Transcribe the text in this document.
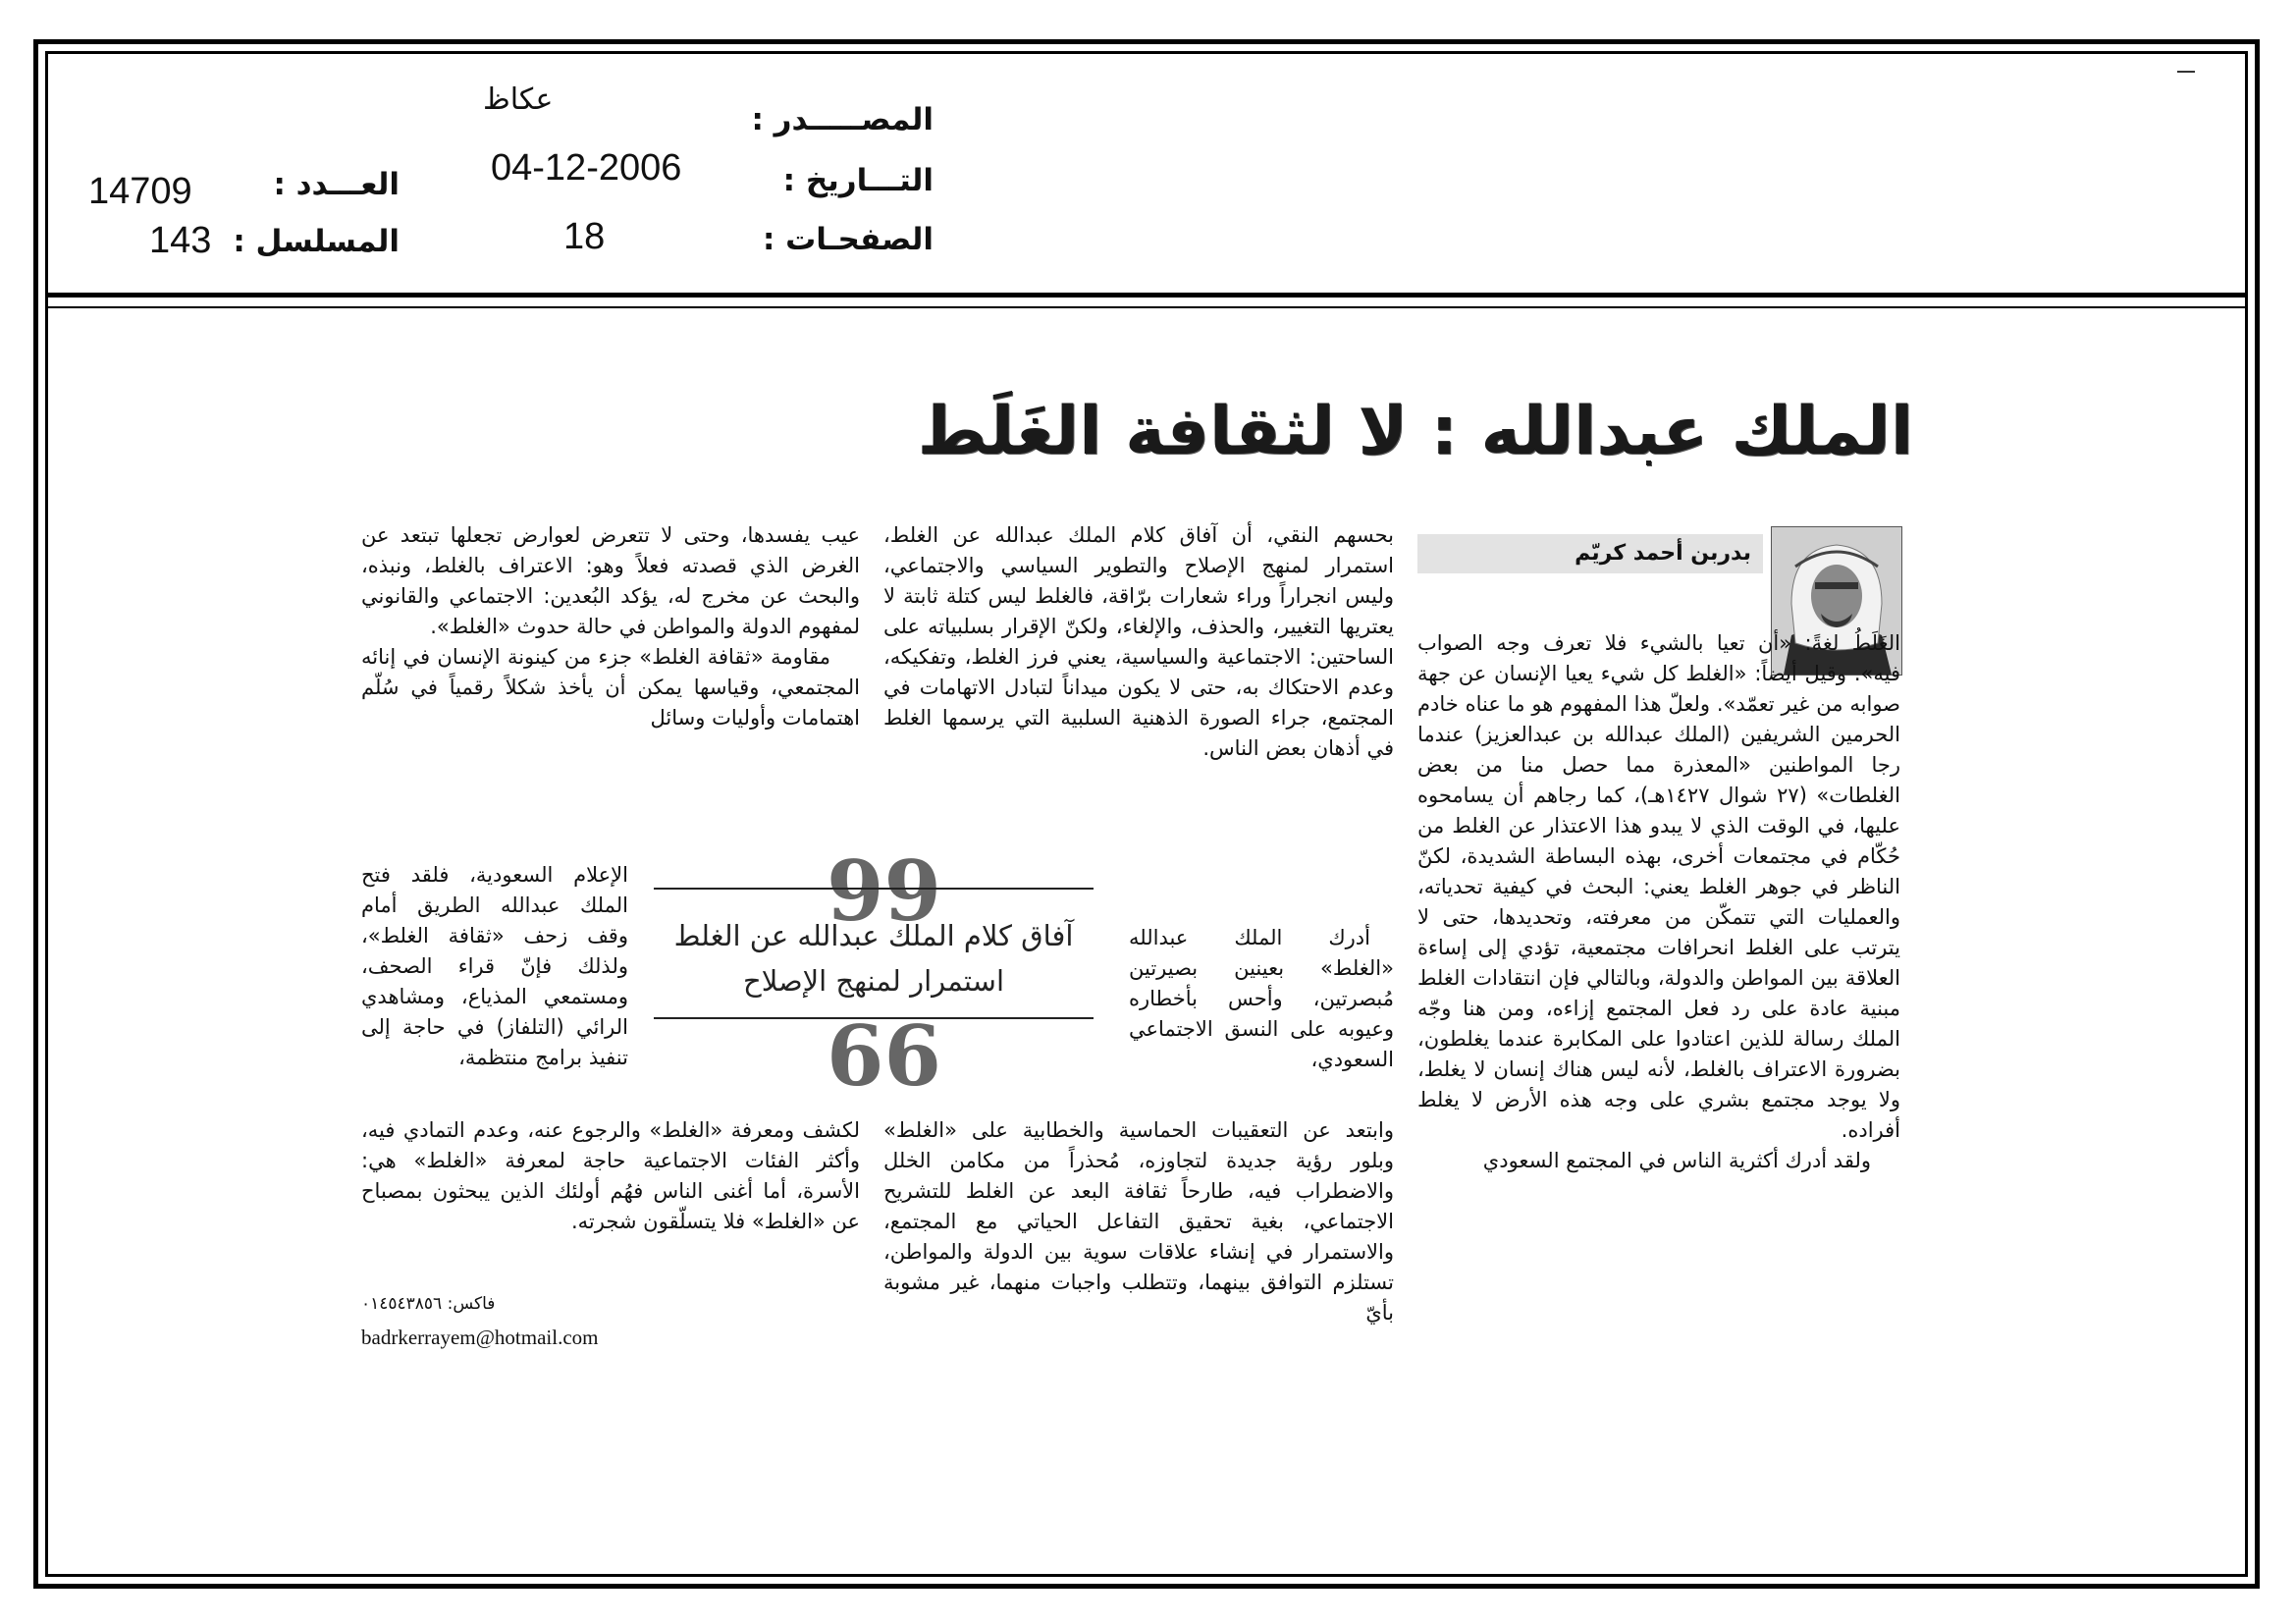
المصـــــدر :
التـــاريخ :
الصفحـات :
عكاظ
04-12-2006
18
العـــدد :
المسلسل :
14709
143
الملك عبدالله : لا لثقافة الغَلَط
بدربن أحمد كريّم

الغَلَطُ لغةً: «أن تعيا بالشيء فلا تعرف وجه الصواب فيه». وقيل أيضاً: «الغلط كل شيء يعيا الإنسان عن جهة صوابه من غير تعمّد». ولعلّ هذا المفهوم هو ما عناه خادم الحرمين الشريفين (الملك عبدالله بن عبدالعزيز) عندما رجا المواطنين «المعذرة مما حصل منا من بعض الغلطات» (٢٧ شوال ١٤٢٧هـ)، كما رجاهم أن يسامحوه عليها، في الوقت الذي لا يبدو هذا الاعتذار عن الغلط من حُكّام في مجتمعات أخرى، بهذه البساطة الشديدة، لكنّ الناظر في جوهر الغلط يعني: البحث في كيفية تحدياته، والعمليات التي تتمكّن من معرفته، وتحديدها، حتى لا يترتب على الغلط انحرافات مجتمعية، تؤدي إلى إساءة العلاقة بين المواطن والدولة، وبالتالي فإن انتقادات الغلط مبنية عادة على رد فعل المجتمع إزاءه، ومن هنا وجّه الملك رسالة للذين اعتادوا على المكابرة عندما يغلطون، بضرورة الاعتراف بالغلط، لأنه ليس هناك إنسان لا يغلط، ولا يوجد مجتمع بشري على وجه هذه الأرض لا يغلط أفراده.

ولقد أدرك أكثرية الناس في المجتمع السعودي

بحسهم النقي، أن آفاق كلام الملك عبدالله عن الغلط، استمرار لمنهج الإصلاح والتطوير السياسي والاجتماعي، وليس انجراراً وراء شعارات برّاقة، فالغلط ليس كتلة ثابتة لا يعتريها التغيير، والحذف، والإلغاء، ولكنّ الإقرار بسلبياته على الساحتين: الاجتماعية والسياسية، يعني فرز الغلط، وتفكيكه، وعدم الاحتكاك به، حتى لا يكون ميداناً لتبادل الاتهامات في المجتمع، جراء الصورة الذهنية السلبية التي يرسمها الغلط في أذهان بعض الناس.

أدرك الملك عبدالله «الغلط» بعينين بصيرتين مُبصرتين، وأحس بأخطاره وعيوبه على النسق الاجتماعي السعودي،

وابتعد عن التعقيبات الحماسية والخطابية على «الغلط» وبلور رؤية جديدة لتجاوزه، مُحذراً من مكامن الخلل والاضطراب فيه، طارحاً ثقافة البعد عن الغلط للتشريح الاجتماعي، بغية تحقيق التفاعل الحياتي مع المجتمع، والاستمرار في إنشاء علاقات سوية بين الدولة والمواطن، تستلزم التوافق بينهما، وتتطلب واجبات منهما، غير مشوبة بأيّ

عيب يفسدها، وحتى لا تتعرض لعوارض تجعلها تبتعد عن الغرض الذي قصدته فعلاً وهو: الاعتراف بالغلط، ونبذه، والبحث عن مخرج له، يؤكد البُعدين: الاجتماعي والقانوني لمفهوم الدولة والمواطن في حالة حدوث «الغلط».

مقاومة «ثقافة الغلط» جزء من كينونة الإنسان في إنائه المجتمعي، وقياسها يمكن أن يأخذ شكلاً رقمياً في سُلّم اهتمامات وأوليات وسائل

الإعلام السعودية، فلقد فتح الملك عبدالله الطريق أمام وقف زحف «ثقافة الغلط»، ولذلك فإنّ قراء الصحف، ومستمعي المذياع، ومشاهدي الرائي (التلفاز) في حاجة إلى تنفيذ برامج منتظمة،

لكشف ومعرفة «الغلط» والرجوع عنه، وعدم التمادي فيه، وأكثر الفئات الاجتماعية حاجة لمعرفة «الغلط» هي: الأسرة، أما أغنى الناس فهُم أولئك الذين يبحثون بمصباح عن «الغلط» فلا يتسلّقون شجرته.

99
آفاق كلام الملك عبدالله عن الغلط
استمرار لمنهج الإصلاح
66
فاكس: ٠١٤٥٤٣٨٥٦
badrkerrayem@hotmail.com
